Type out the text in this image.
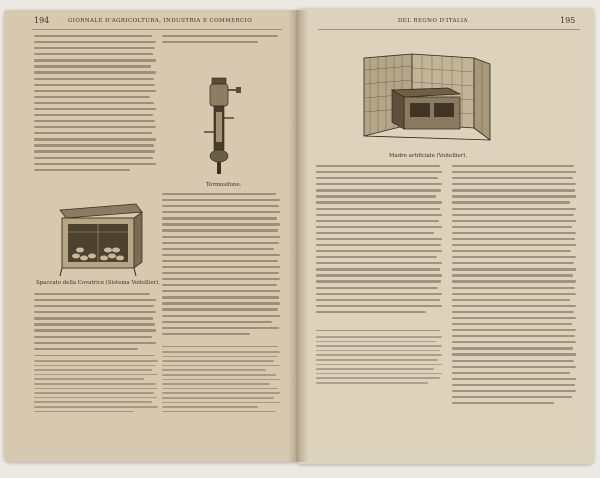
194	GIORNALE D'AGRICOLTURA, INDUSTRIA E COMMERCIO
Spaccato della Covatrice (Sistema Voitellier).
Termosifone.
DEL REGNO D'ITALIA	195
Madre artificiale (Voitellier).
